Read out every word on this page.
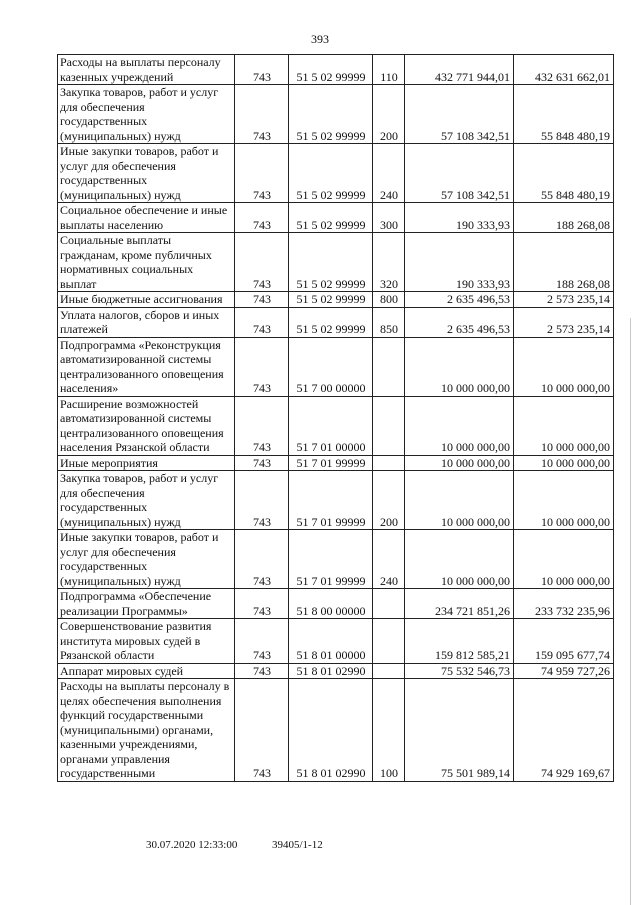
393
Расходы на выплаты персоналу казенных учреждений	743	51 5 02 99999	110	432 771 944,01	432 631 662,01
Закупка товаров, работ и услуг для обеспечения государственных (муниципальных) нужд	743	51 5 02 99999	200	57 108 342,51	55 848 480,19
Иные закупки товаров, работ и услуг для обеспечения государственных (муниципальных) нужд	743	51 5 02 99999	240	57 108 342,51	55 848 480,19
Социальное обеспечение и иные выплаты населению	743	51 5 02 99999	300	190 333,93	188 268,08
Социальные выплаты гражданам, кроме публичных нормативных социальных выплат	743	51 5 02 99999	320	190 333,93	188 268,08
Иные бюджетные ассигнования	743	51 5 02 99999	800	2 635 496,53	2 573 235,14
Уплата налогов, сборов и иных платежей	743	51 5 02 99999	850	2 635 496,53	2 573 235,14
Подпрограмма «Реконструкция автоматизированной системы централизованного оповещения населения»	743	51 7 00 00000		10 000 000,00	10 000 000,00
Расширение возможностей автоматизированной системы централизованного оповещения населения Рязанской области	743	51 7 01 00000		10 000 000,00	10 000 000,00
Иные мероприятия	743	51 7 01 99999		10 000 000,00	10 000 000,00
Закупка товаров, работ и услуг для обеспечения государственных (муниципальных) нужд	743	51 7 01 99999	200	10 000 000,00	10 000 000,00
Иные закупки товаров, работ и услуг для обеспечения государственных (муниципальных) нужд	743	51 7 01 99999	240	10 000 000,00	10 000 000,00
Подпрограмма «Обеспечение реализации Программы»	743	51 8 00 00000		234 721 851,26	233 732 235,96
Совершенствование развития института мировых судей в Рязанской области	743	51 8 01 00000		159 812 585,21	159 095 677,74
Аппарат мировых судей	743	51 8 01 02990		75 532 546,73	74 959 727,26
Расходы на выплаты персоналу в целях обеспечения выполнения функций государственными (муниципальными) органами, казенными учреждениями, органами управления государственными	743	51 8 01 02990	100	75 501 989,14	74 929 169,67
30.07.2020 12:33:00	39405/1-12
